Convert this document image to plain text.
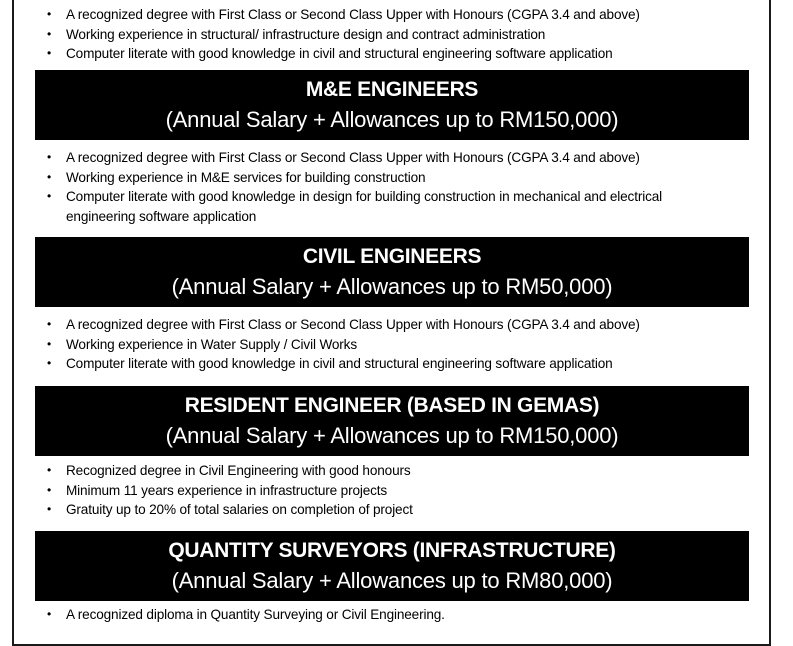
• A recognized degree with First Class or Second Class Upper with Honours (CGPA 3.4 and above)
• Working experience in structural/ infrastructure design and contract administration
• Computer literate with good knowledge in civil and structural engineering software application
M&E ENGINEERS
(Annual Salary + Allowances up to RM150,000)
• A recognized degree with First Class or Second Class Upper with Honours (CGPA 3.4 and above)
• Working experience in M&E services for building construction
• Computer literate with good knowledge in design for building construction in mechanical and electrical engineering software application
CIVIL ENGINEERS
(Annual Salary + Allowances up to RM50,000)
• A recognized degree with First Class or Second Class Upper with Honours (CGPA 3.4 and above)
• Working experience in Water Supply / Civil Works
• Computer literate with good knowledge in civil and structural engineering software application
RESIDENT ENGINEER (BASED IN GEMAS)
(Annual Salary + Allowances up to RM150,000)
• Recognized degree in Civil Engineering with good honours
• Minimum 11 years experience in infrastructure projects
• Gratuity up to 20% of total salaries on completion of project
QUANTITY SURVEYORS (INFRASTRUCTURE)
(Annual Salary + Allowances up to RM80,000)
• A recognized diploma in Quantity Surveying or Civil Engineering.
